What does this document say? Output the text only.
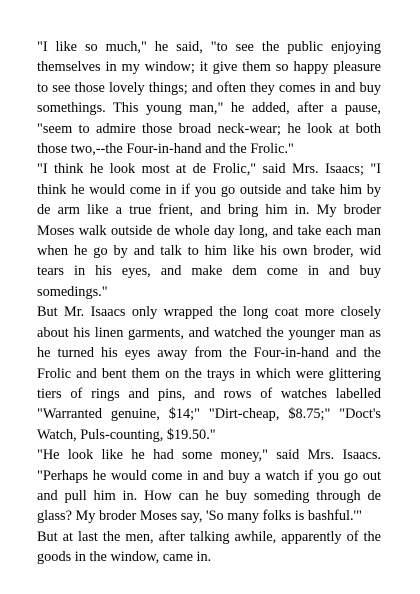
"I like so much," he said, "to see the public enjoying themselves in my window; it give them so happy pleasure to see those lovely things; and often they comes in and buy somethings. This young man," he added, after a pause, "seem to admire those broad neck-wear; he look at both those two,--the Four-in-hand and the Frolic."

"I think he look most at de Frolic," said Mrs. Isaacs; "I think he would come in if you go outside and take him by de arm like a true frient, and bring him in. My broder Moses walk outside de whole day long, and take each man when he go by and talk to him like his own broder, wid tears in his eyes, and make dem come in and buy somedings."

But Mr. Isaacs only wrapped the long coat more closely about his linen garments, and watched the younger man as he turned his eyes away from the Four-in-hand and the Frolic and bent them on the trays in which were glittering tiers of rings and pins, and rows of watches labelled "Warranted genuine, $14;" "Dirt-cheap, $8.75;" "Doct's Watch, Puls-counting, $19.50."

"He look like he had some money," said Mrs. Isaacs. "Perhaps he would come in and buy a watch if you go out and pull him in. How can he buy someding through de glass? My broder Moses say, 'So many folks is bashful.'"

But at last the men, after talking awhile, apparently of the goods in the window, came in.
